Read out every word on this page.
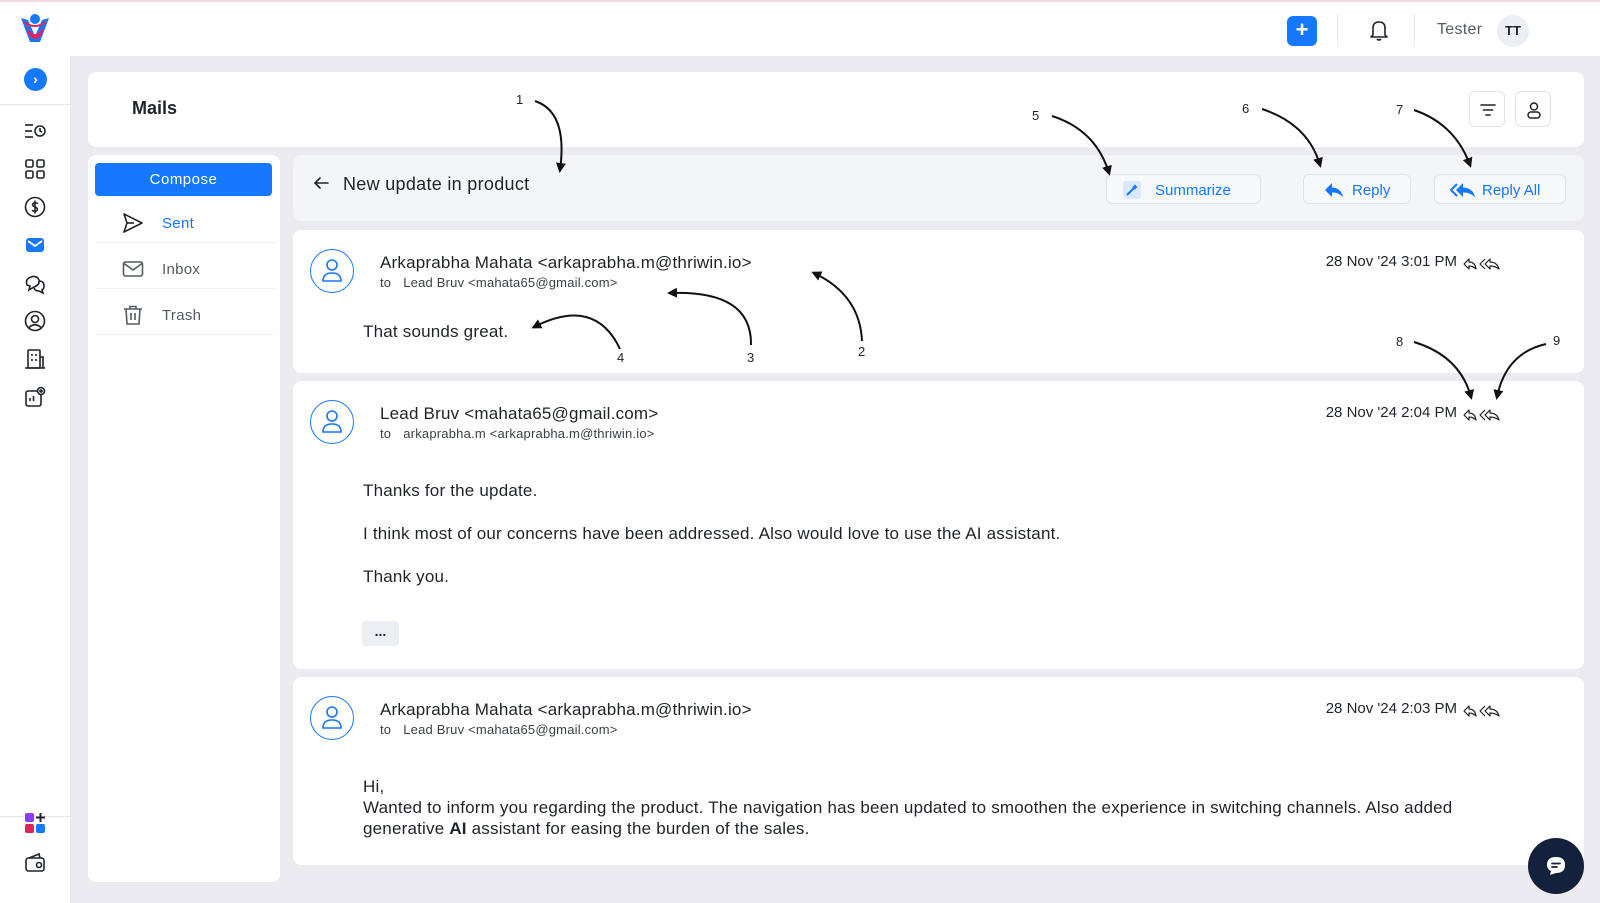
+	Tester	TT
›
Mails
Compose
Sent
Inbox
Trash
New update in product	Summarize	Reply	Reply All
Arkaprabha Mahata <arkaprabha.m@thriwin.io>
to Lead Bruv <mahata65@gmail.com>
28 Nov '24 3:01 PM

That sounds great.

Lead Bruv <mahata65@gmail.com>
to arkaprabha.m <arkaprabha.m@thriwin.io>
28 Nov '24 2:04 PM

Thanks for the update.

I think most of our concerns have been addressed. Also would love to use the AI assistant.

Thank you.

...
Arkaprabha Mahata <arkaprabha.m@thriwin.io>
to Lead Bruv <mahata65@gmail.com>
28 Nov '24 2:03 PM
Hi,
Wanted to inform you regarding the product. The navigation has been updated to smoothen the experience in switching channels. Also added generative AI assistant for easing the burden of the sales.
1
2
3
4
5	6	7
8	9
